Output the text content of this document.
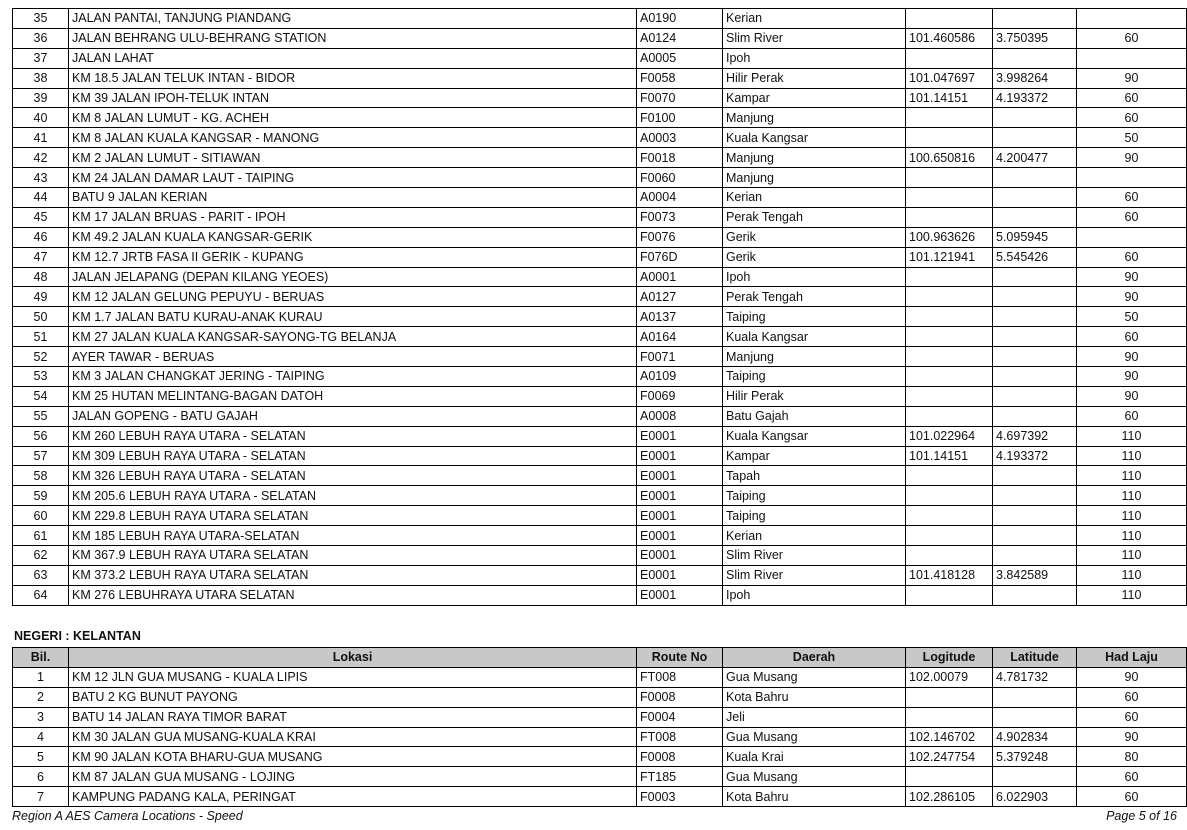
35	JALAN PANTAI, TANJUNG PIANDANG	A0190	Kerian			
36	JALAN BEHRANG ULU-BEHRANG STATION	A0124	Slim River	101.460586	3.750395	60
37	JALAN LAHAT	A0005	Ipoh			
38	KM 18.5 JALAN TELUK INTAN - BIDOR	F0058	Hilir Perak	101.047697	3.998264	90
39	KM 39 JALAN IPOH-TELUK INTAN	F0070	Kampar	101.14151	4.193372	60
40	KM 8 JALAN LUMUT - KG. ACHEH	F0100	Manjung			60
41	KM 8 JALAN KUALA KANGSAR - MANONG	A0003	Kuala Kangsar			50
42	KM 2 JALAN LUMUT - SITIAWAN	F0018	Manjung	100.650816	4.200477	90
43	KM 24 JALAN DAMAR LAUT - TAIPING	F0060	Manjung			
44	BATU 9 JALAN KERIAN	A0004	Kerian			60
45	KM 17 JALAN BRUAS - PARIT - IPOH	F0073	Perak Tengah			60
46	KM 49.2 JALAN KUALA KANGSAR-GERIK	F0076	Gerik	100.963626	5.095945	
47	KM 12.7 JRTB FASA II GERIK - KUPANG	F076D	Gerik	101.121941	5.545426	60
48	JALAN JELAPANG (DEPAN KILANG YEOES)	A0001	Ipoh			90
49	KM 12 JALAN GELUNG PEPUYU - BERUAS	A0127	Perak Tengah			90
50	KM 1.7 JALAN BATU KURAU-ANAK KURAU	A0137	Taiping			50
51	KM 27 JALAN KUALA KANGSAR-SAYONG-TG BELANJA	A0164	Kuala Kangsar			60
52	AYER TAWAR - BERUAS	F0071	Manjung			90
53	KM 3 JALAN CHANGKAT JERING - TAIPING	A0109	Taiping			90
54	KM 25 HUTAN MELINTANG-BAGAN DATOH	F0069	Hilir Perak			90
55	JALAN GOPENG - BATU GAJAH	A0008	Batu Gajah			60
56	KM 260 LEBUH RAYA UTARA - SELATAN	E0001	Kuala Kangsar	101.022964	4.697392	110
57	KM 309 LEBUH RAYA UTARA - SELATAN	E0001	Kampar	101.14151	4.193372	110
58	KM 326 LEBUH RAYA UTARA - SELATAN	E0001	Tapah			110
59	KM 205.6 LEBUH RAYA UTARA - SELATAN	E0001	Taiping			110
60	KM 229.8 LEBUH RAYA UTARA SELATAN	E0001	Taiping			110
61	KM 185 LEBUH RAYA UTARA-SELATAN	E0001	Kerian			110
62	KM 367.9 LEBUH RAYA UTARA SELATAN	E0001	Slim River			110
63	KM 373.2 LEBUH RAYA UTARA SELATAN	E0001	Slim River	101.418128	3.842589	110
64	KM 276 LEBUHRAYA UTARA SELATAN	E0001	Ipoh			110
NEGERI : KELANTAN
Bil.	Lokasi	Route No	Daerah	Logitude	Latitude	Had Laju
1	KM 12 JLN GUA MUSANG - KUALA LIPIS	FT008	Gua Musang	102.00079	4.781732	90
2	BATU 2 KG BUNUT PAYONG	F0008	Kota Bahru			60
3	BATU 14 JALAN RAYA TIMOR BARAT	F0004	Jeli			60
4	KM 30 JALAN GUA MUSANG-KUALA KRAI	FT008	Gua Musang	102.146702	4.902834	90
5	KM 90 JALAN KOTA BHARU-GUA MUSANG	F0008	Kuala Krai	102.247754	5.379248	80
6	KM 87 JALAN GUA MUSANG - LOJING	FT185	Gua Musang			60
7	KAMPUNG PADANG KALA, PERINGAT	F0003	Kota Bahru	102.286105	6.022903	60
Region A AES Camera Locations - Speed	Page 5 of 16
